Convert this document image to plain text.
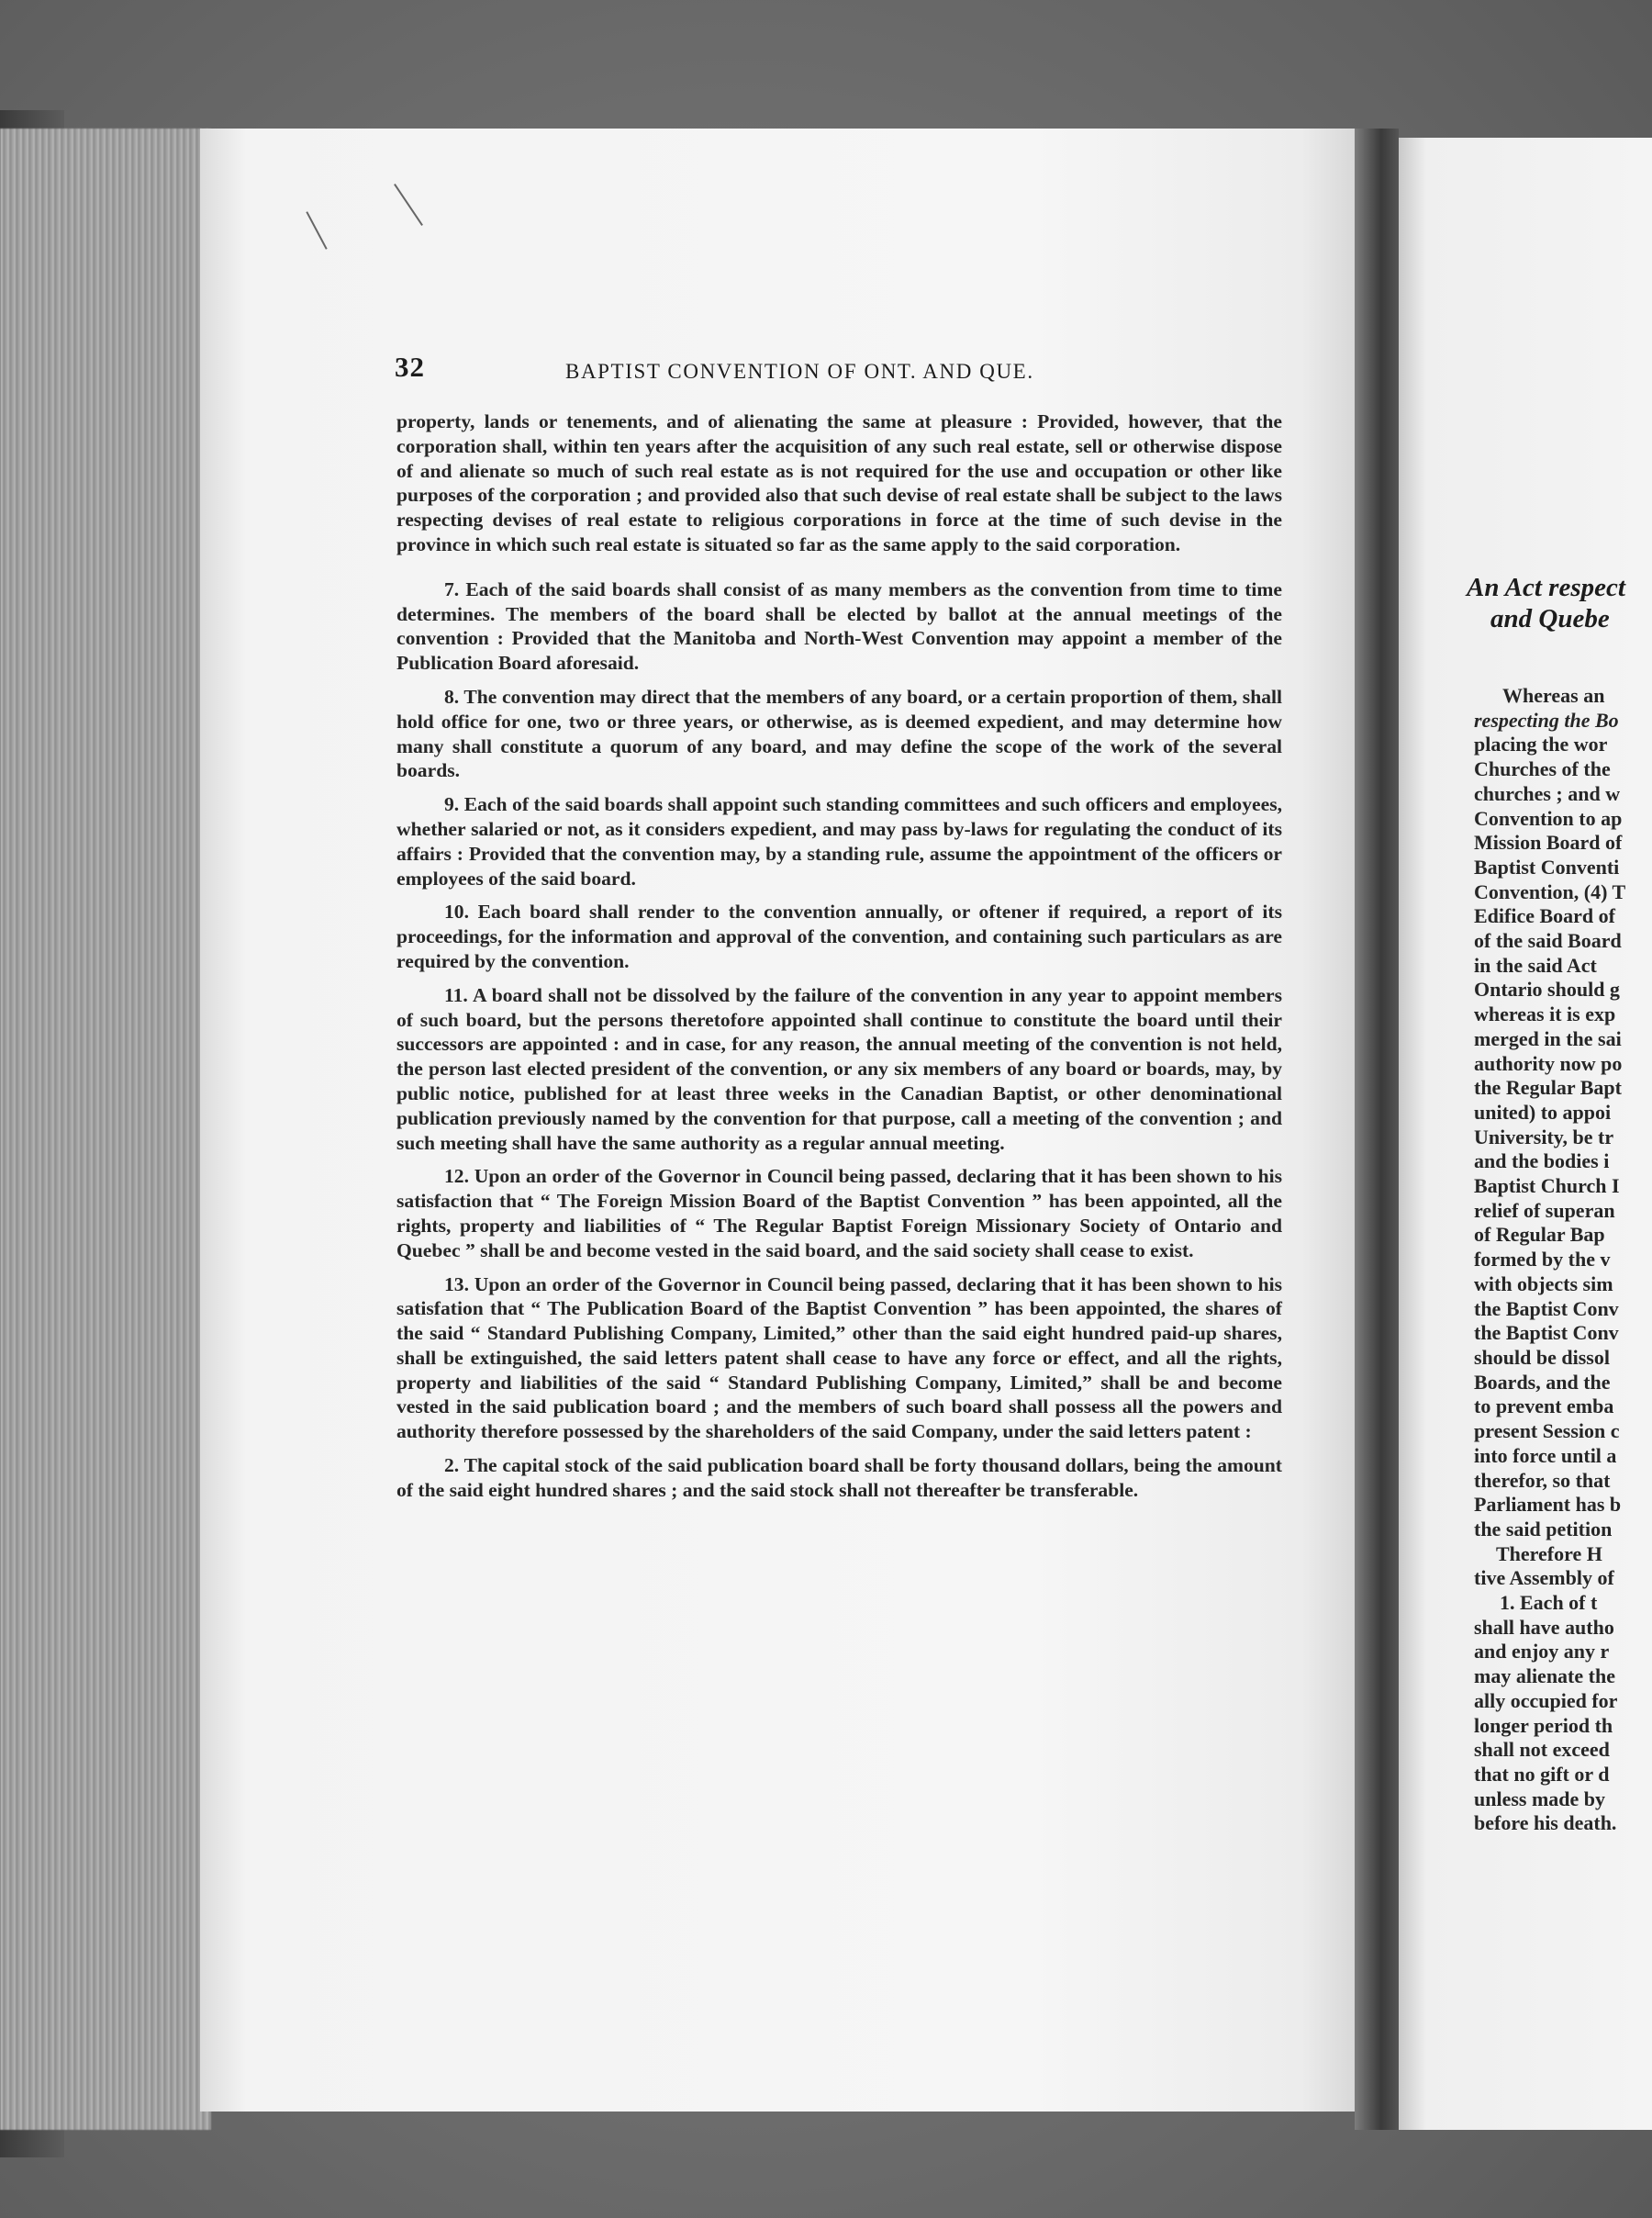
32	BAPTIST CONVENTION OF ONT. AND QUE.

property, lands or tenements, and of alienating the same at pleasure : Provided, however, that the corporation shall, within ten years after the acquisition of any such real estate, sell or otherwise dispose of and alienate so much of such real estate as is not required for the use and occupation or other like purposes of the corporation ; and provided also that such devise of real estate shall be subject to the laws respecting devises of real estate to religious corporations in force at the time of such devise in the province in which such real estate is situated so far as the same apply to the said corporation.

7. Each of the said boards shall consist of as many members as the convention from time to time determines. The members of the board shall be elected by ballot at the annual meetings of the convention : Provided that the Manitoba and North-West Convention may appoint a member of the Publication Board aforesaid.

8. The convention may direct that the members of any board, or a certain proportion of them, shall hold office for one, two or three years, or otherwise, as is deemed expedient, and may determine how many shall constitute a quorum of any board, and may define the scope of the work of the several boards.

9. Each of the said boards shall appoint such standing committees and such officers and employees, whether salaried or not, as it considers expedient, and may pass by-laws for regulating the conduct of its affairs : Provided that the convention may, by a standing rule, assume the appointment of the officers or employees of the said board.

10. Each board shall render to the convention annually, or oftener if required, a report of its proceedings, for the information and approval of the convention, and containing such particulars as are required by the convention.

11. A board shall not be dissolved by the failure of the convention in any year to appoint members of such board, but the persons theretofore appointed shall continue to constitute the board until their successors are appointed : and in case, for any reason, the annual meeting of the convention is not held, the person last elected president of the convention, or any six members of any board or boards, may, by public notice, published for at least three weeks in the Canadian Baptist, or other denominational publication previously named by the convention for that purpose, call a meeting of the convention ; and such meeting shall have the same authority as a regular annual meeting.

12. Upon an order of the Governor in Council being passed, declaring that it has been shown to his satisfaction that “ The Foreign Mission Board of the Baptist Convention ” has been appointed, all the rights, property and liabilities of “ The Regular Baptist Foreign Missionary Society of Ontario and Quebec ” shall be and become vested in the said board, and the said society shall cease to exist.

13. Upon an order of the Governor in Council being passed, declaring that it has been shown to his satisfation that “ The Publication Board of the Baptist Convention ” has been appointed, the shares of the said “ Standard Publishing Company, Limited,” other than the said eight hundred paid-up shares, shall be extinguished, the said letters patent shall cease to have any force or effect, and all the rights, property and liabilities of the said “ Standard Publishing Company, Limited,” shall be and become vested in the said publication board ; and the members of such board shall possess all the powers and authority therefore possessed by the shareholders of the said Company, under the said letters patent :

2. The capital stock of the said publication board shall be forty thousand dollars, being the amount of the said eight hundred shares ; and the said stock shall not thereafter be transferable.

An Act respect
and Quebe
Whereas an
respecting the Bo
placing the wor
Churches of the
churches ; and w
Convention to ap
Mission Board of
Baptist Conventi
Convention, (4) T
Edifice Board of
of the said Board
in the said Act
Ontario should g
whereas it is exp
merged in the sai
authority now po
the Regular Bapt
united) to appoi
University, be tr
and the bodies i
Baptist Church I
relief of superan
of Regular Bap
formed by the v
with objects sim
the Baptist Conv
the Baptist Conv
should be dissol
Boards, and the
to prevent emba
present Session c
into force until a
therefor, so that
Parliament has b
the said petition
Therefore H
tive Assembly of
1. Each of t
shall have autho
and enjoy any r
may alienate the
ally occupied for
longer period th
shall not exceed
that no gift or d
unless made by
before his death.
